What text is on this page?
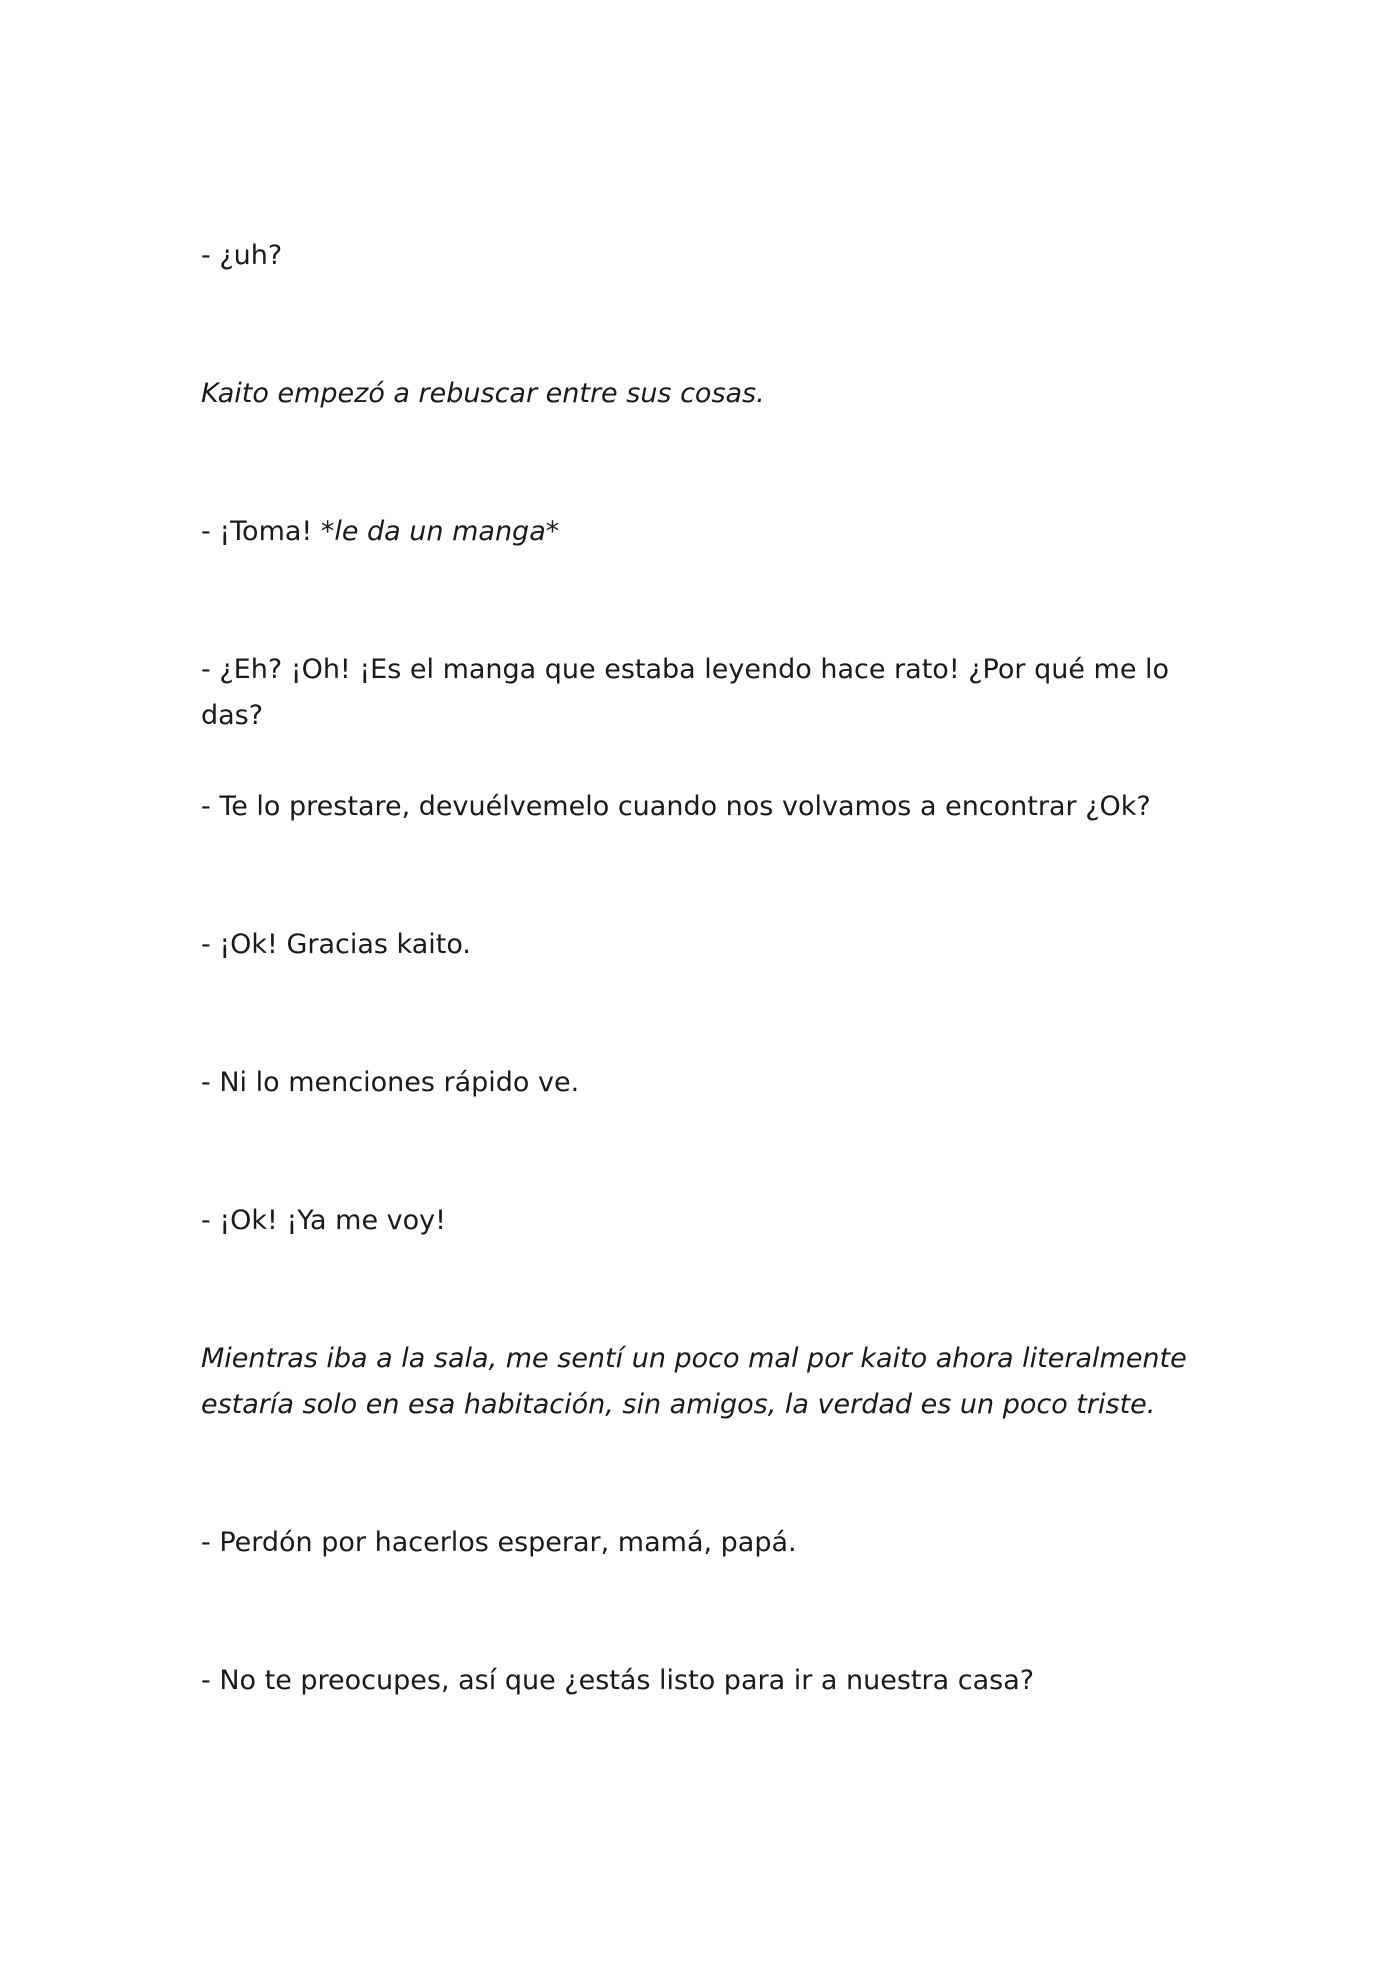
- ¿uh?

Kaito empezó a rebuscar entre sus cosas.

- ¡Toma! *le da un manga*

- ¿Eh? ¡Oh! ¡Es el manga que estaba leyendo hace rato! ¿Por qué me lo das?

- Te lo prestare, devuélvemelo cuando nos volvamos a encontrar ¿Ok?

- ¡Ok! Gracias kaito.

- Ni lo menciones rápido ve.

- ¡Ok! ¡Ya me voy!

Mientras iba a la sala, me sentí un poco mal por kaito ahora literalmente estaría solo en esa habitación, sin amigos, la verdad es un poco triste.

- Perdón por hacerlos esperar, mamá, papá.

- No te preocupes, así que ¿estás listo para ir a nuestra casa?
